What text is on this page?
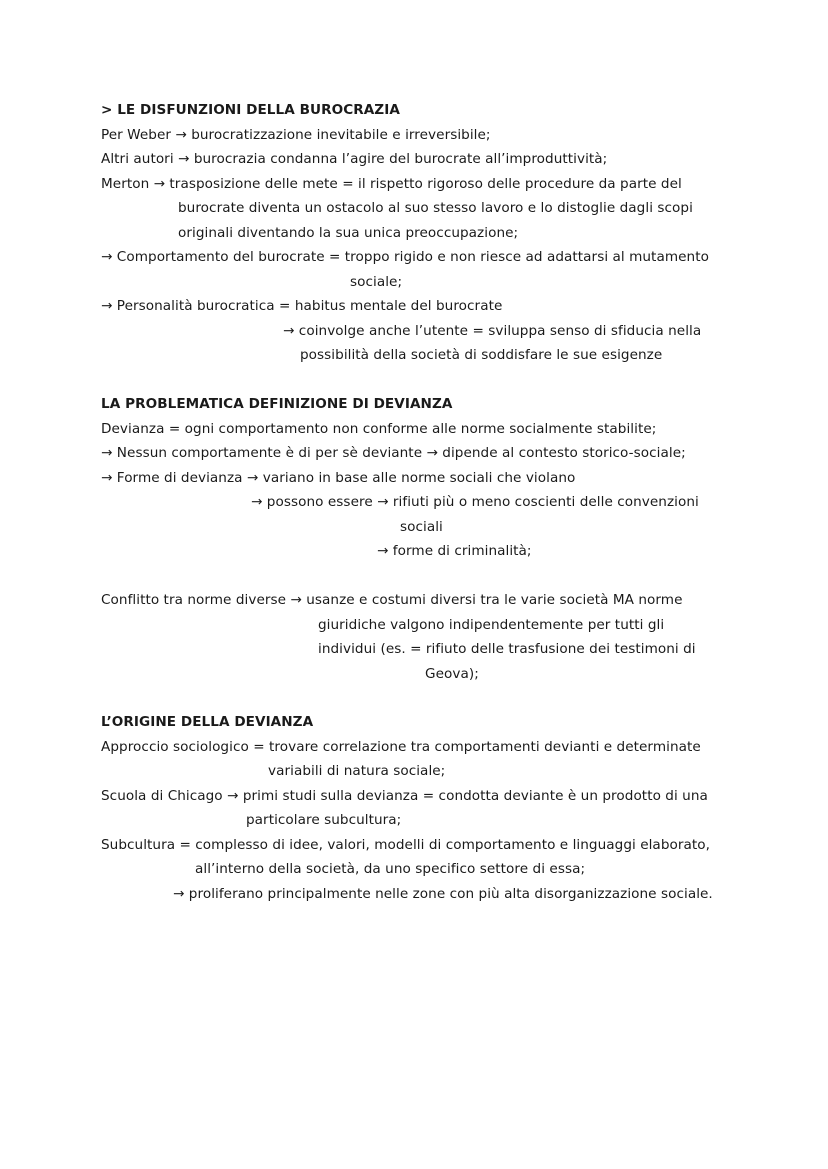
> LE DISFUNZIONI DELLA BUROCRAZIA
Per Weber → burocratizzazione inevitabile e irreversibile;
Altri autori → burocrazia condanna l’agire del burocrate all’improduttività;
Merton → trasposizione delle mete = il rispetto rigoroso delle procedure da parte del
burocrate diventa un ostacolo al suo stesso lavoro e lo distoglie dagli scopi
originali diventando la sua unica preoccupazione;
→ Comportamento del burocrate = troppo rigido e non riesce ad adattarsi al mutamento
sociale;
→ Personalità burocratica = habitus mentale del burocrate
→ coinvolge anche l’utente = sviluppa senso di sfiducia nella
possibilità della società di soddisfare le sue esigenze
LA PROBLEMATICA DEFINIZIONE DI DEVIANZA
Devianza = ogni comportamento non conforme alle norme socialmente stabilite;
→ Nessun comportamente è di per sè deviante → dipende al contesto storico-sociale;
→ Forme di devianza → variano in base alle norme sociali che violano
→ possono essere → rifiuti più o meno coscienti delle convenzioni
sociali
→ forme di criminalità;
Conflitto tra norme diverse → usanze e costumi diversi tra le varie società MA norme
giuridiche valgono indipendentemente per tutti gli
individui (es. = rifiuto delle trasfusione dei testimoni di
Geova);
L’ORIGINE DELLA DEVIANZA
Approccio sociologico = trovare correlazione tra comportamenti devianti e determinate
variabili di natura sociale;
Scuola di Chicago → primi studi sulla devianza = condotta deviante è un prodotto di una
particolare subcultura;
Subcultura = complesso di idee, valori, modelli di comportamento e linguaggi elaborato,
all’interno della società, da uno specifico settore di essa;
→ proliferano principalmente nelle zone con più alta disorganizzazione sociale.
